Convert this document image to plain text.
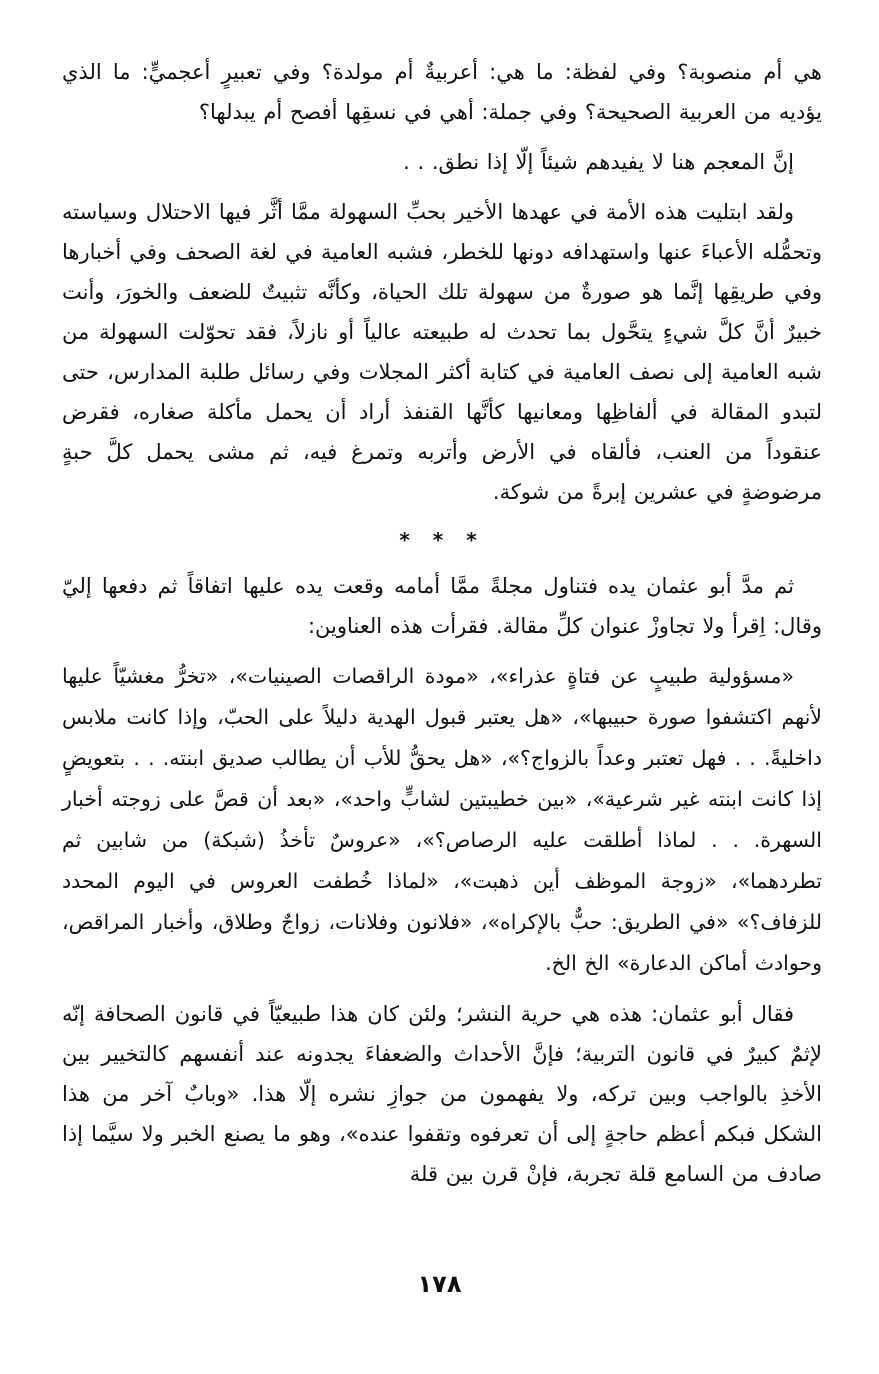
هي أم منصوبة؟ وفي لفظة: ما هي: أعربيةٌ أم مولدة؟ وفي تعبيرٍ أعجميٍّ: ما الذي يؤديه من العربية الصحيحة؟ وفي جملة: أهي في نسقِها أفصح أم يبدلها؟

إنَّ المعجم هنا لا يفيدهم شيئاً إلّا إذا نطق. . .

ولقد ابتليت هذه الأمة في عهدها الأخير بحبِّ السهولة ممَّا أثَّر فيها الاحتلال وسياسته وتحمُّله الأعباءَ عنها واستهدافه دونها للخطر، فشبه العامية في لغة الصحف وفي أخبارها وفي طريقِها إنَّما هو صورةٌ من سهولة تلك الحياة، وكأنَّه تثبيتٌ للضعف والخورَ، وأنت خبيرٌ أنَّ كلَّ شيءٍ يتحَّول بما تحدث له طبيعته عالياً أو نازلاً، فقد تحوّلت السهولة من شبه العامية إلى نصف العامية في كتابة أكثر المجلات وفي رسائل طلبة المدارس، حتى لتبدو المقالة في ألفاظِها ومعانيها كأنَّها القنفذ أراد أن يحمل مأكلة صغاره، فقرض عنقوداً من العنب، فألقاه في الأرض وأتربه وتمرغ فيه، ثم مشى يحمل كلَّ حبةٍ مرضوضةٍ في عشرين إبرةً من شوكة.

* * *

ثم مدَّ أبو عثمان يده فتناول مجلةً ممَّا أمامه وقعت يده عليها اتفاقاً ثم دفعها إليّ وقال: اِقرأ ولا تجاوزْ عنوان كلِّ مقالة. فقرأت هذه العناوين:

«مسؤولية طبيبٍ عن فتاةٍ عذراء»، «مودة الراقصات الصينيات»، «تخرُّ مغشيّاً عليها لأنهم اكتشفوا صورة حبيبها»، «هل يعتبر قبول الهدية دليلاً على الحبّ، وإذا كانت ملابس داخليةً. . . فهل تعتبر وعداً بالزواج؟»، «هل يحقُّ للأب أن يطالب صديق ابنته. . . بتعويضٍ إذا كانت ابنته غير شرعية»، «بين خطيبتين لشابٍّ واحد»، «بعد أن قصَّ على زوجته أخبار السهرة. . . لماذا أطلقت عليه الرصاص؟»، «عروسٌ تأخذُ (شبكة) من شابين ثم تطردهما»، «زوجة الموظف أين ذهبت»، «لماذا خُطفت العروس في اليوم المحدد للزفاف؟» «في الطريق: حبٌّ بالإكراه»، «فلانون وفلانات، زواجٌ وطلاق، وأخبار المراقص، وحوادث أماكن الدعارة» الخ الخ.

فقال أبو عثمان: هذه هي حرية النشر؛ ولئن كان هذا طبيعيّاً في قانون الصحافة إنّه لإثمٌ كبيرٌ في قانون التربية؛ فإنَّ الأحداث والضعفاءَ يجدونه عند أنفسهم كالتخيير بين الأخذِ بالواجب وبين تركه، ولا يفهمون من جوازِ نشره إلّا هذا. «وبابٌ آخر من هذا الشكل فبكم أعظم حاجةٍ إلى أن تعرفوه وتقفوا عنده»، وهو ما يصنع الخبر ولا سيَّما إذا صادف من السامع قلة تجربة، فإنْ قرن بين قلة

١٧٨
